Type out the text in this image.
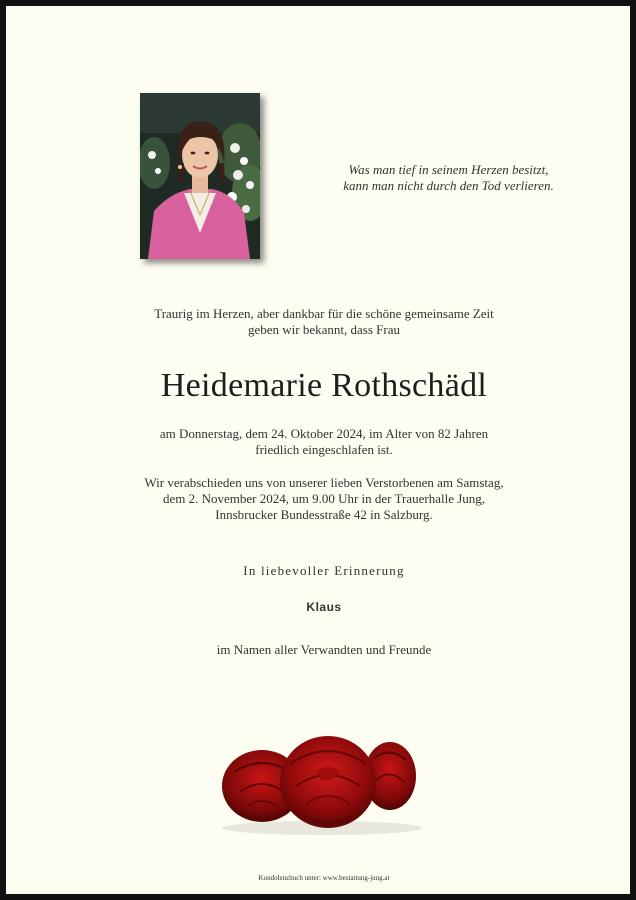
Was man tief in seinem Herzen besitzt,
kann man nicht durch den Tod verlieren.
Traurig im Herzen, aber dankbar für die schöne gemeinsame Zeit
geben wir bekannt, dass Frau
Heidemarie Rothschädl
am Donnerstag, dem 24. Oktober 2024, im Alter von 82 Jahren
friedlich eingeschlafen ist.
Wir verabschieden uns von unserer lieben Verstorbenen am Samstag,
dem 2. November 2024, um 9.00 Uhr in der Trauerhalle Jung,
Innsbrucker Bundesstraße 42 in Salzburg.
In liebevoller Erinnerung
Klaus
im Namen aller Verwandten und Freunde
Kondolenzbuch unter: www.bestattung-jung.at
